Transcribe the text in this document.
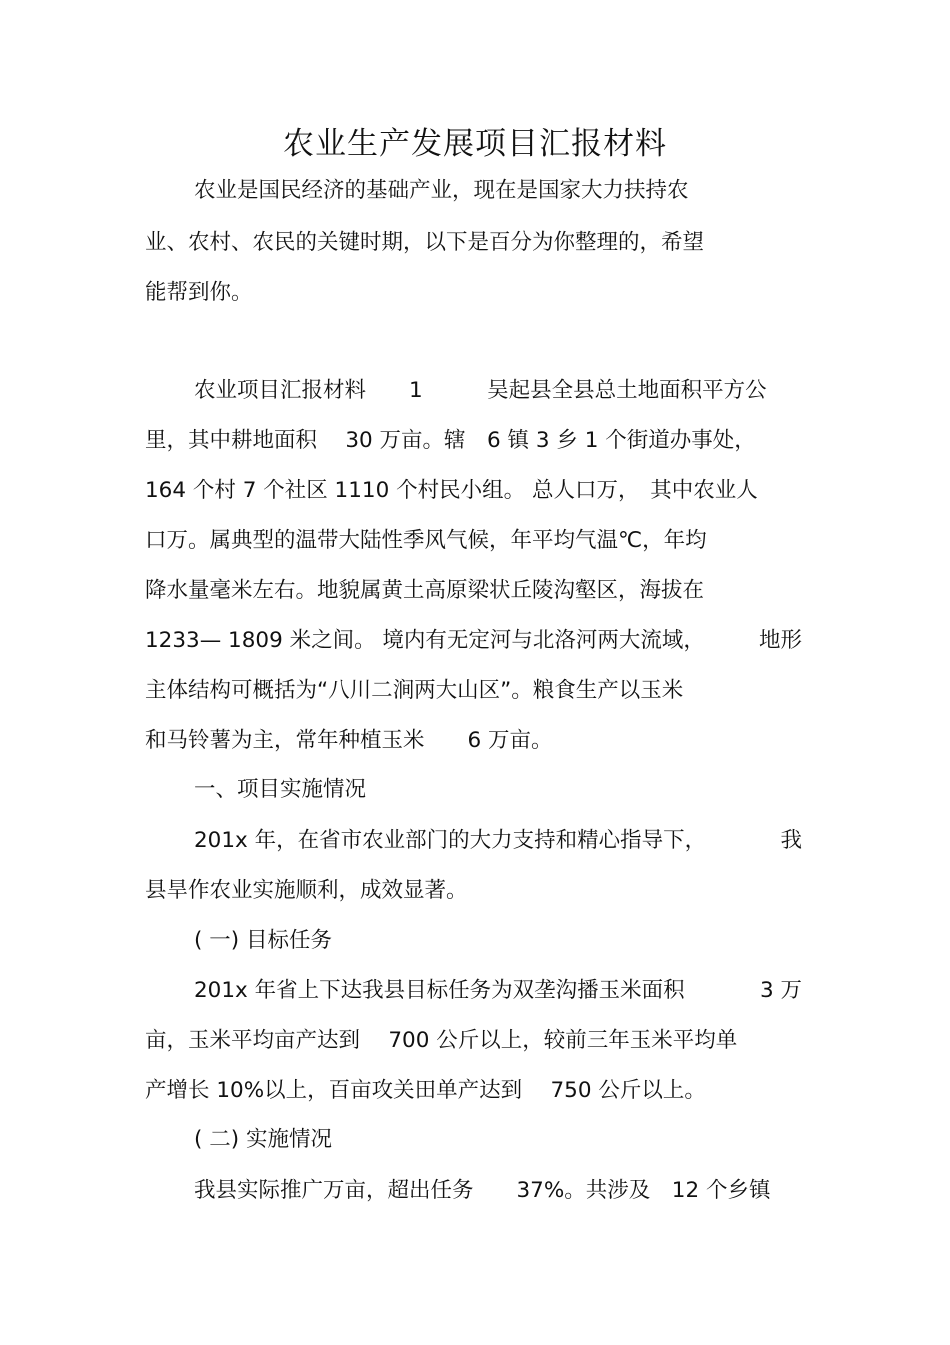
农业生产发展项目汇报材料
农业是国民经济的基础产业，现在是国家大力扶持农
业、农村、农民的关键时期，以下是百分为你整理的，希望
能帮到你。
农业项目汇报材料　　1　　　吴起县全县总土地面积平方公
里，其中耕地面积　 30 万亩。辖　6 镇 3 乡 1 个街道办事处，
164 个村 7 个社区 1110 个村民小组。 总人口万，　其中农业人
口万。属典型的温带大陆性季风气候，年平均气温℃，年均
降水量毫米左右。地貌属黄土高原梁状丘陵沟壑区，海拔在
1233— 1809 米之间。 境内有无定河与北洛河两大流域，	地形
主体结构可概括为“八川二涧两大山区”。粮食生产以玉米
和马铃薯为主，常年种植玉米　　6 万亩。
一、项目实施情况
201x 年，在省市农业部门的大力支持和精心指导下，	我
县旱作农业实施顺利，成效显著。
( 一) 目标任务
201x 年省上下达我县目标任务为双垄沟播玉米面积	3 万
亩，玉米平均亩产达到　 700 公斤以上，较前三年玉米平均单
产增长 10%以上，百亩攻关田单产达到　 750 公斤以上。
( 二) 实施情况
我县实际推广万亩，超出任务　　37%。共涉及　12 个乡镇
